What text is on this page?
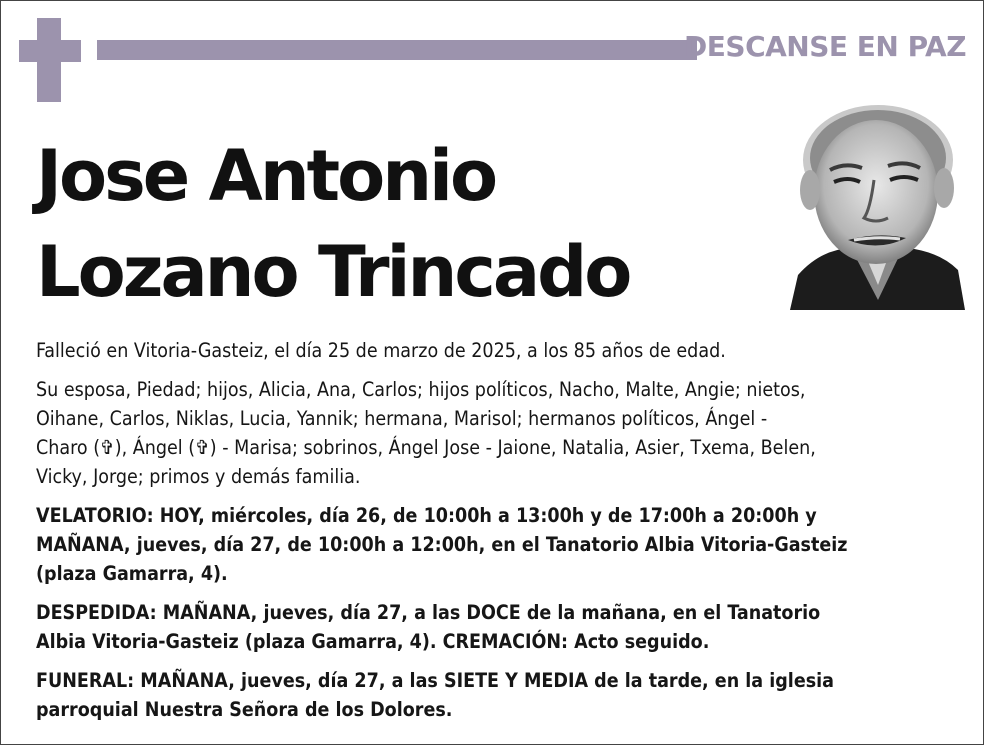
DESCANSE EN PAZ
Jose Antonio
Lozano Trincado

Falleció en Vitoria-Gasteiz, el día 25 de marzo de 2025, a los 85 años de edad.

Su esposa, Piedad; hijos, Alicia, Ana, Carlos; hijos políticos, Nacho, Malte, Angie; nietos,
Oihane, Carlos, Niklas, Lucia, Yannik; hermana, Marisol; hermanos políticos, Ángel -
Charo (✞), Ángel (✞) - Marisa; sobrinos, Ángel Jose - Jaione, Natalia, Asier, Txema, Belen,
Vicky, Jorge; primos y demás familia.

VELATORIO: HOY, miércoles, día 26, de 10:00h a 13:00h y de 17:00h a 20:00h y
MAÑANA, jueves, día 27, de 10:00h a 12:00h, en el Tanatorio Albia Vitoria-Gasteiz
(plaza Gamarra, 4).

DESPEDIDA: MAÑANA, jueves, día 27, a las DOCE de la mañana, en el Tanatorio
Albia Vitoria-Gasteiz (plaza Gamarra, 4). CREMACIÓN: Acto seguido.

FUNERAL: MAÑANA, jueves, día 27, a las SIETE Y MEDIA de la tarde, en la iglesia
parroquial Nuestra Señora de los Dolores.
